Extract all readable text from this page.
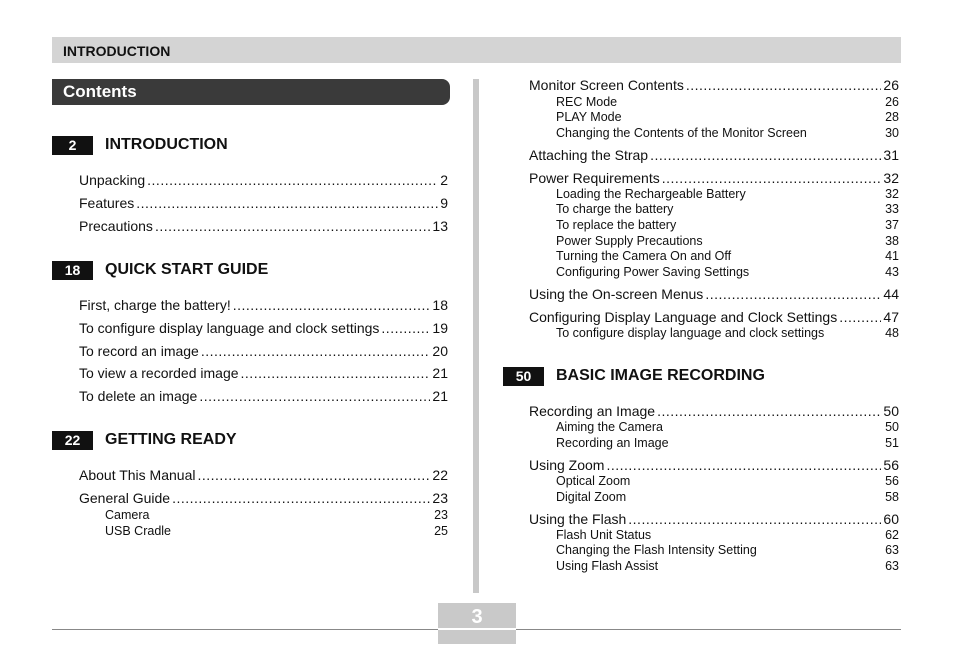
INTRODUCTION
Contents
2	INTRODUCTION
Unpacking .....	2
Features .....	9
Precautions .....	13
18	QUICK START GUIDE
First, charge the battery! .....	18
To configure display language and clock settings .....	19
To record an image .....	20
To view a recorded image .....	21
To delete an image .....	21
22	GETTING READY
About This Manual .....	22
General Guide .....	23
Camera	23
USB Cradle	25
Monitor Screen Contents .....	26
REC Mode	26
PLAY Mode	28
Changing the Contents of the Monitor Screen	30
Attaching the Strap .....	31
Power Requirements .....	32
Loading the Rechargeable Battery	32
To charge the battery	33
To replace the battery	37
Power Supply Precautions	38
Turning the Camera On and Off	41
Configuring Power Saving Settings	43
Using the On-screen Menus .....	44
Configuring Display Language and Clock Settings .....	47
To configure display language and clock settings	48
50	BASIC IMAGE RECORDING
Recording an Image .....	50
Aiming the Camera	50
Recording an Image	51
Using Zoom .....	56
Optical Zoom	56
Digital Zoom	58
Using the Flash .....	60
Flash Unit Status	62
Changing the Flash Intensity Setting	63
Using Flash Assist	63
3
